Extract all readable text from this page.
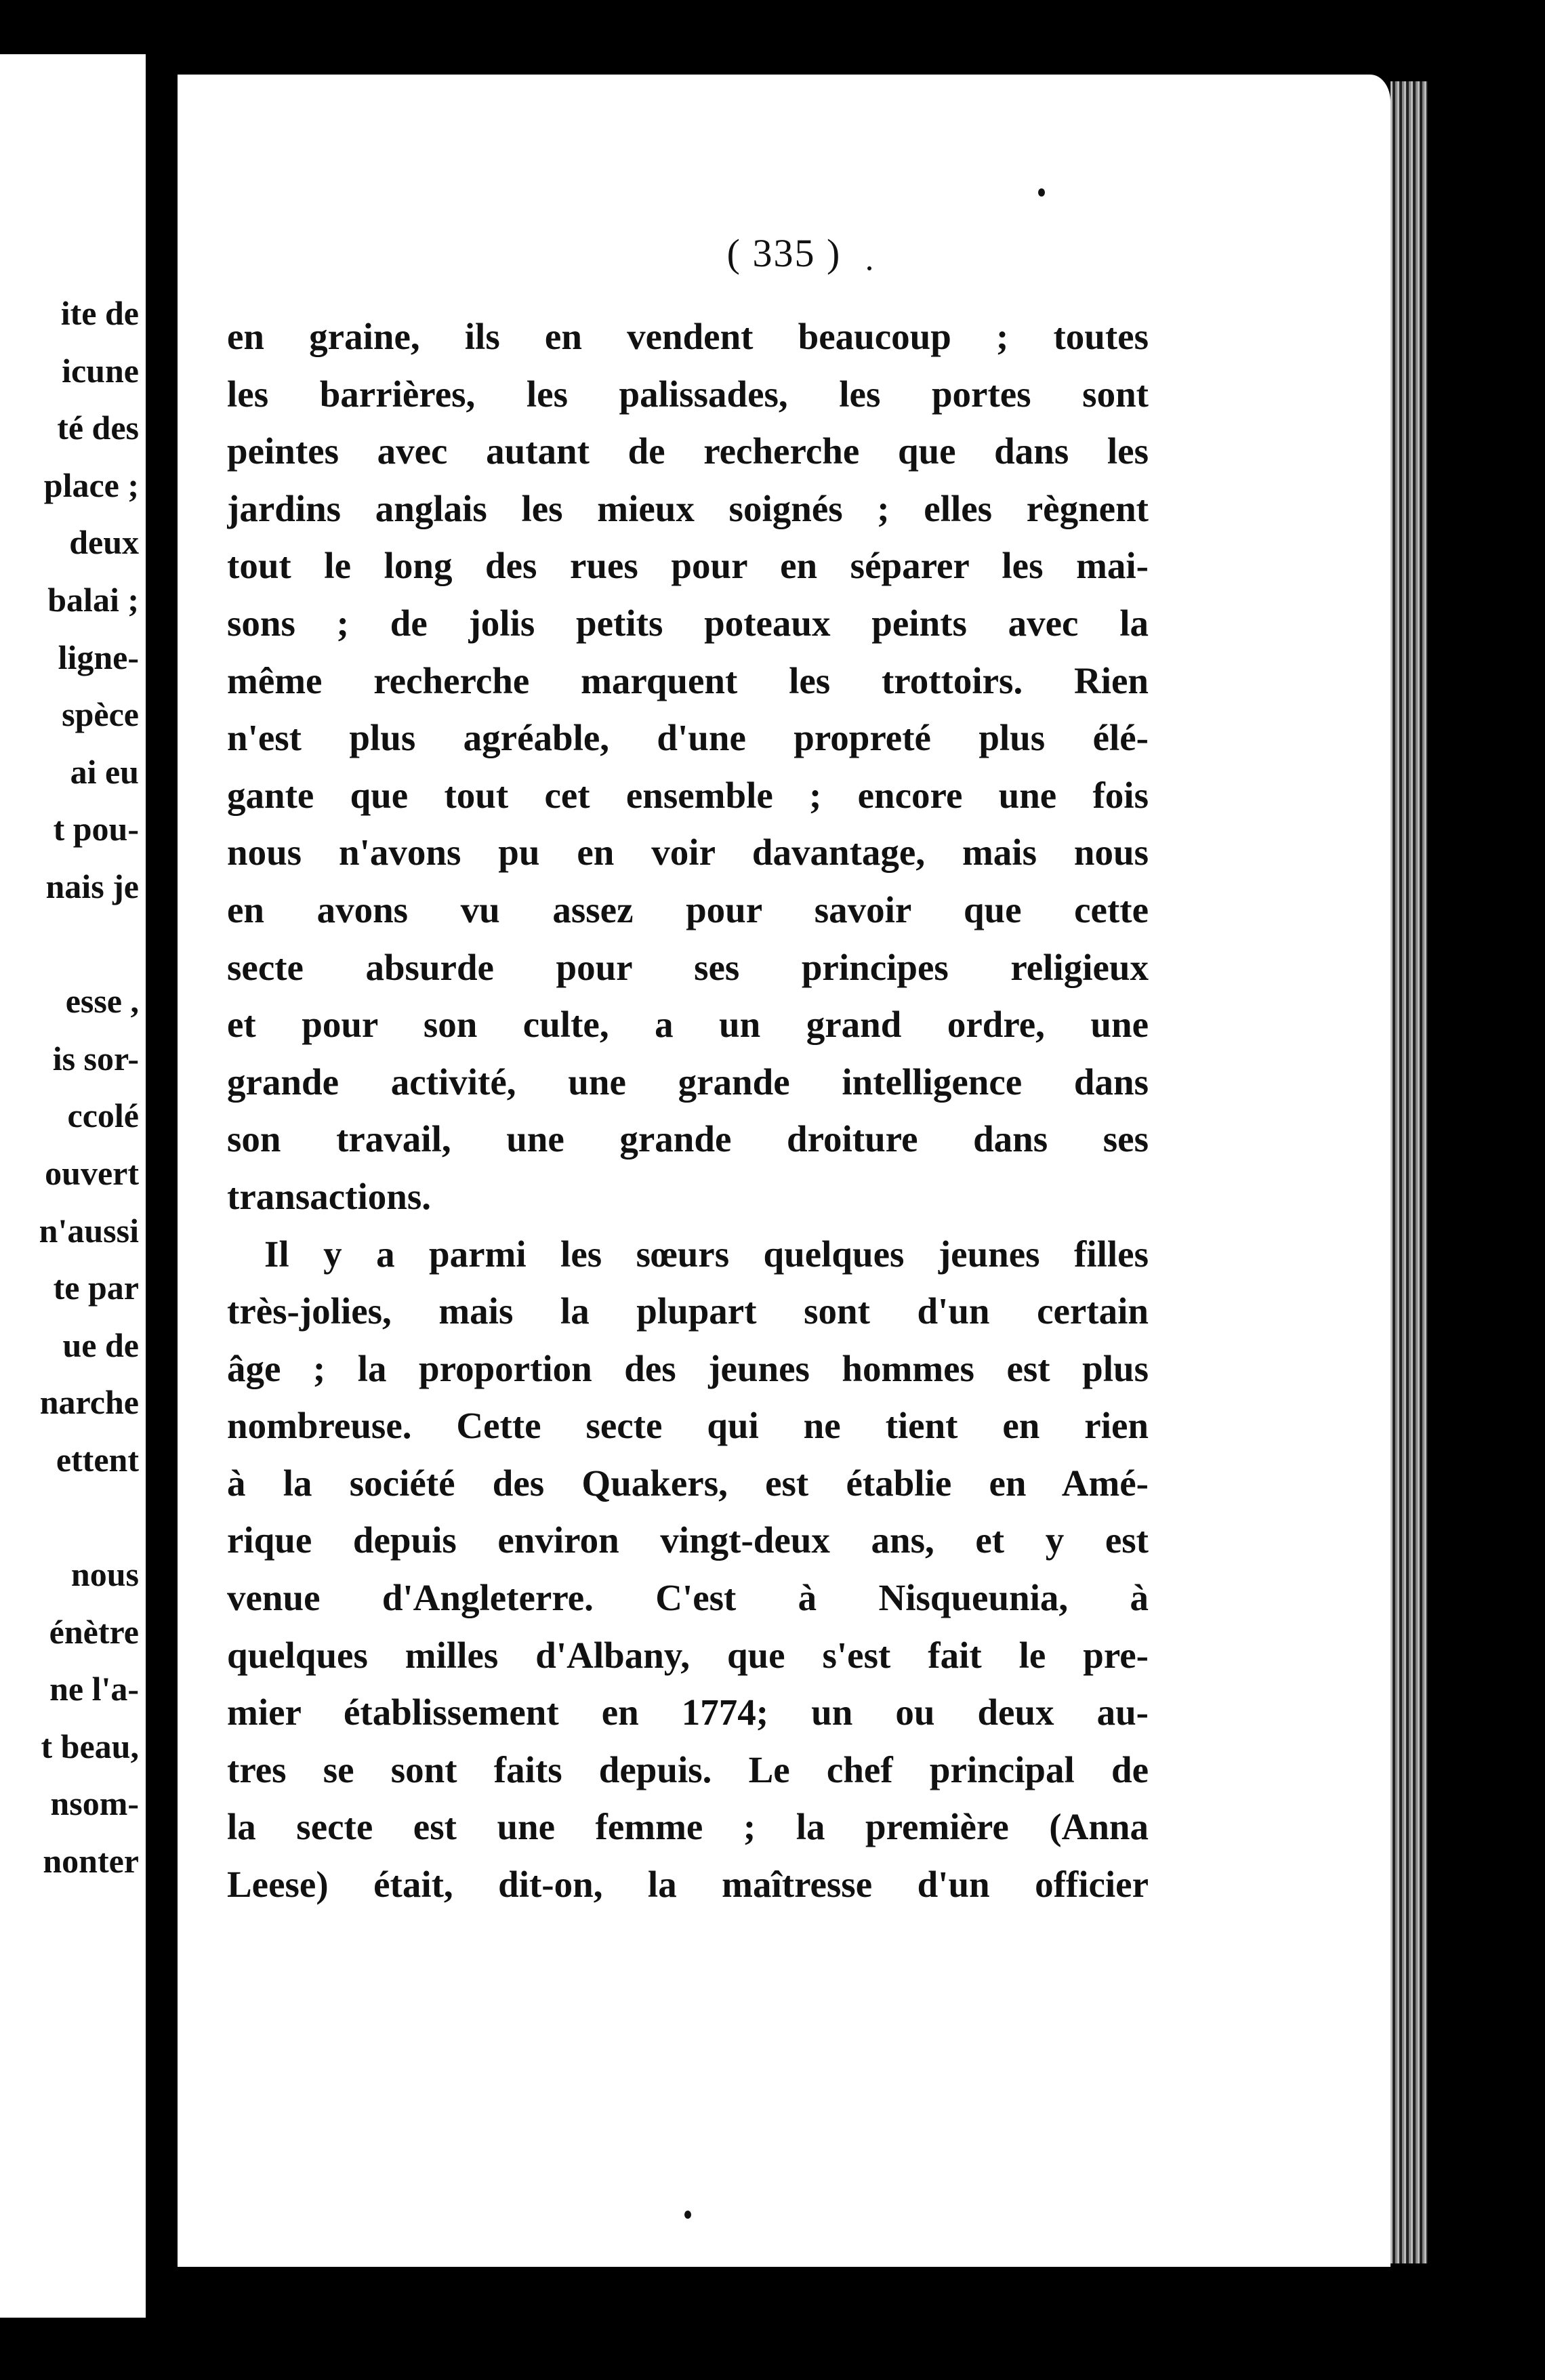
ite de
icune
té des
place ;
deux
balai ;
ligne-
spèce
ai eu
t pou-
nais je
esse ,
is sor-
ccolé
ouvert
n'aussi
te par
ue de
narche
ettent
nous
énètre
ne l'a-
t beau,
nsom-
nonter
( 335 )
en graine, ils en vendent beaucoup ; toutes
les barrières, les palissades, les portes sont
peintes avec autant de recherche que dans les
jardins anglais les mieux soignés ; elles règnent
tout le long des rues pour en séparer les mai-
sons ; de jolis petits poteaux peints avec la
même recherche marquent les trottoirs. Rien
n'est plus agréable, d'une propreté plus élé-
gante que tout cet ensemble ; encore une fois
nous n'avons pu en voir davantage, mais nous
en avons vu assez pour savoir que cette
secte absurde pour ses principes religieux
et pour son culte, a un grand ordre, une
grande activité, une grande intelligence dans
son travail, une grande droiture dans ses
transactions.
Il y a parmi les sœurs quelques jeunes filles
très-jolies, mais la plupart sont d'un certain
âge ; la proportion des jeunes hommes est plus
nombreuse. Cette secte qui ne tient en rien
à la société des Quakers, est établie en Amé-
rique depuis environ vingt-deux ans, et y est
venue d'Angleterre. C'est à Nisqueunia, à
quelques milles d'Albany, que s'est fait le pre-
mier établissement en 1774; un ou deux au-
tres se sont faits depuis. Le chef principal de
la secte est une femme ; la première (Anna
Leese) était, dit-on, la maîtresse d'un officier
